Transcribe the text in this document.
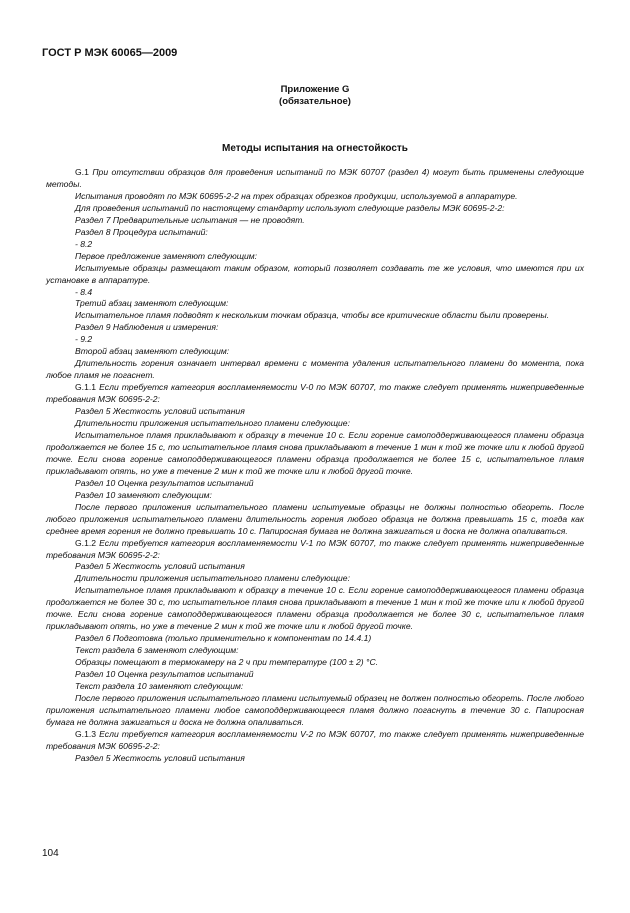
ГОСТ Р МЭК 60065—2009
Приложение G
(обязательное)
Методы испытания на огнестойкость

G.1 При отсутствии образцов для проведения испытаний по МЭК 60707 (раздел 4) могут быть применены следующие методы.

Испытания проводят по МЭК 60695-2-2 на трех образцах обрезков продукции, используемой в аппаратуре.

Для проведения испытаний по настоящему стандарту используют следующие разделы МЭК 60695-2-2:

Раздел 7 Предварительные испытания — не проводят.

Раздел 8 Процедура испытаний:

- 8.2

Первое предложение заменяют следующим:

Испытуемые образцы размещают таким образом, который позволяет создавать те же условия, что имеются при их установке в аппаратуре.

- 8.4

Третий абзац заменяют следующим:

Испытательное пламя подводят к нескольким точкам образца, чтобы все критические области были проверены.

Раздел 9 Наблюдения и измерения:

- 9.2

Второй абзац заменяют следующим:

Длительность горения означает интервал времени с момента удаления испытательного пламени до момента, пока любое пламя не погаснет.

G.1.1 Если требуется категория воспламеняемости V-0 по МЭК 60707, то также следует применять нижеприведенные требования МЭК 60695-2-2:

Раздел 5 Жесткость условий испытания

Длительности приложения испытательного пламени следующие:

Испытательное пламя прикладывают к образцу в течение 10 с. Если горение самоподдерживающегося пламени образца продолжается не более 15 с, то испытательное пламя снова прикладывают в течение 1 мин к той же точке или к любой другой точке. Если снова горение самоподдерживающегося пламени образца продолжается не более 15 с, испытательное пламя прикладывают опять, но уже в течение 2 мин к той же точке или к любой другой точке.

Раздел 10 Оценка результатов испытаний

Раздел 10 заменяют следующим:

После первого приложения испытательного пламени испытуемые образцы не должны полностью обгореть. После любого приложения испытательного пламени длительность горения любого образца не должна превышать 15 с, тогда как среднее время горения не должно превышать 10 с. Папиросная бумага не должна зажигаться и доска не должна опаливаться.

G.1.2 Если требуется категория воспламеняемости V-1 по МЭК 60707, то также следует применять нижеприведенные требования МЭК 60695-2-2:

Раздел 5 Жесткость условий испытания

Длительности приложения испытательного пламени следующие:

Испытательное пламя прикладывают к образцу в течение 10 с. Если горение самоподдерживающегося пламени образца продолжается не более 30 с, то испытательное пламя снова прикладывают в течение 1 мин к той же точке или к любой другой точке. Если снова горение самоподдерживающегося пламени образца продолжается не более 30 с, испытательное пламя прикладывают опять, но уже в течение 2 мин к той же точке или к любой другой точке.

Раздел 6 Подготовка (только применительно к компонентам по 14.4.1)

Текст раздела 6 заменяют следующим:

Образцы помещают в термокамеру на 2 ч при температуре (100 ± 2) °С.

Раздел 10 Оценка результатов испытаний

Текст раздела 10 заменяют следующим:

После первого приложения испытательного пламени испытуемый образец не должен полностью обгореть. После любого приложения испытательного пламени любое самоподдерживающееся пламя должно погаснуть в течение 30 с. Папиросная бумага не должна зажигаться и доска не должна опаливаться.

G.1.3 Если требуется категория воспламеняемости V-2 по МЭК 60707, то также следует применять нижеприведенные требования МЭК 60695-2-2:

Раздел 5 Жесткость условий испытания

104
